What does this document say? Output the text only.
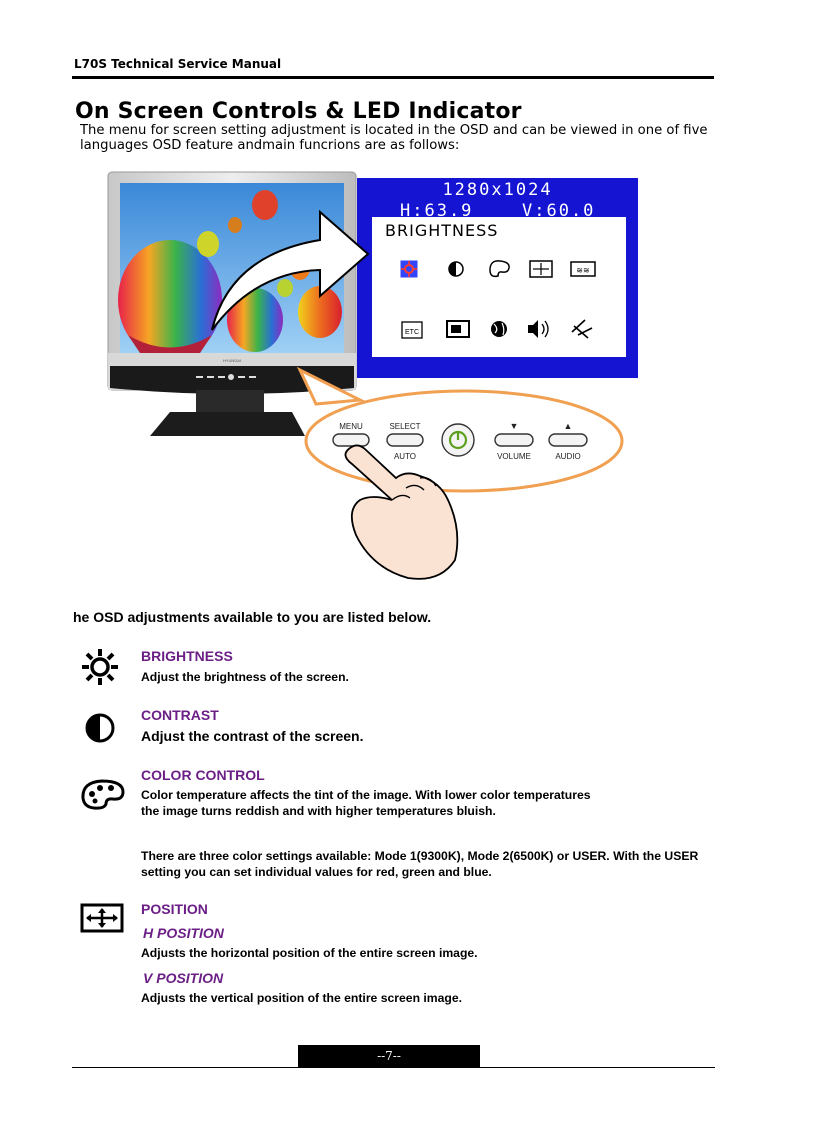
L70S Technical Service Manual
On Screen Controls & LED Indicator
The menu for screen setting adjustment is located in the OSD and can be viewed in one of five languages OSD feature andmain funcrions are as follows:
HYUNDAI
≋≋
ETC
1280x1024
H:63.9	V:60.0
BRIGHTNESS
MENU	SELECT
AUTO
▼	▲
VOLUME	AUDIO
he OSD adjustments available to you are listed below.
BRIGHTNESS
Adjust the brightness of the screen.
CONTRAST
Adjust the contrast of the screen.
COLOR CONTROL
Color temperature affects the tint of the image. With lower color temperatures the image turns reddish and with higher temperatures bluish.
There are three color settings available: Mode 1(9300K), Mode 2(6500K) or USER. With the USER setting you can set individual values for red, green and blue.
POSITION
H POSITION
Adjusts the horizontal position of the entire screen image.
V POSITION
Adjusts the vertical position of the entire screen image.
--7--
